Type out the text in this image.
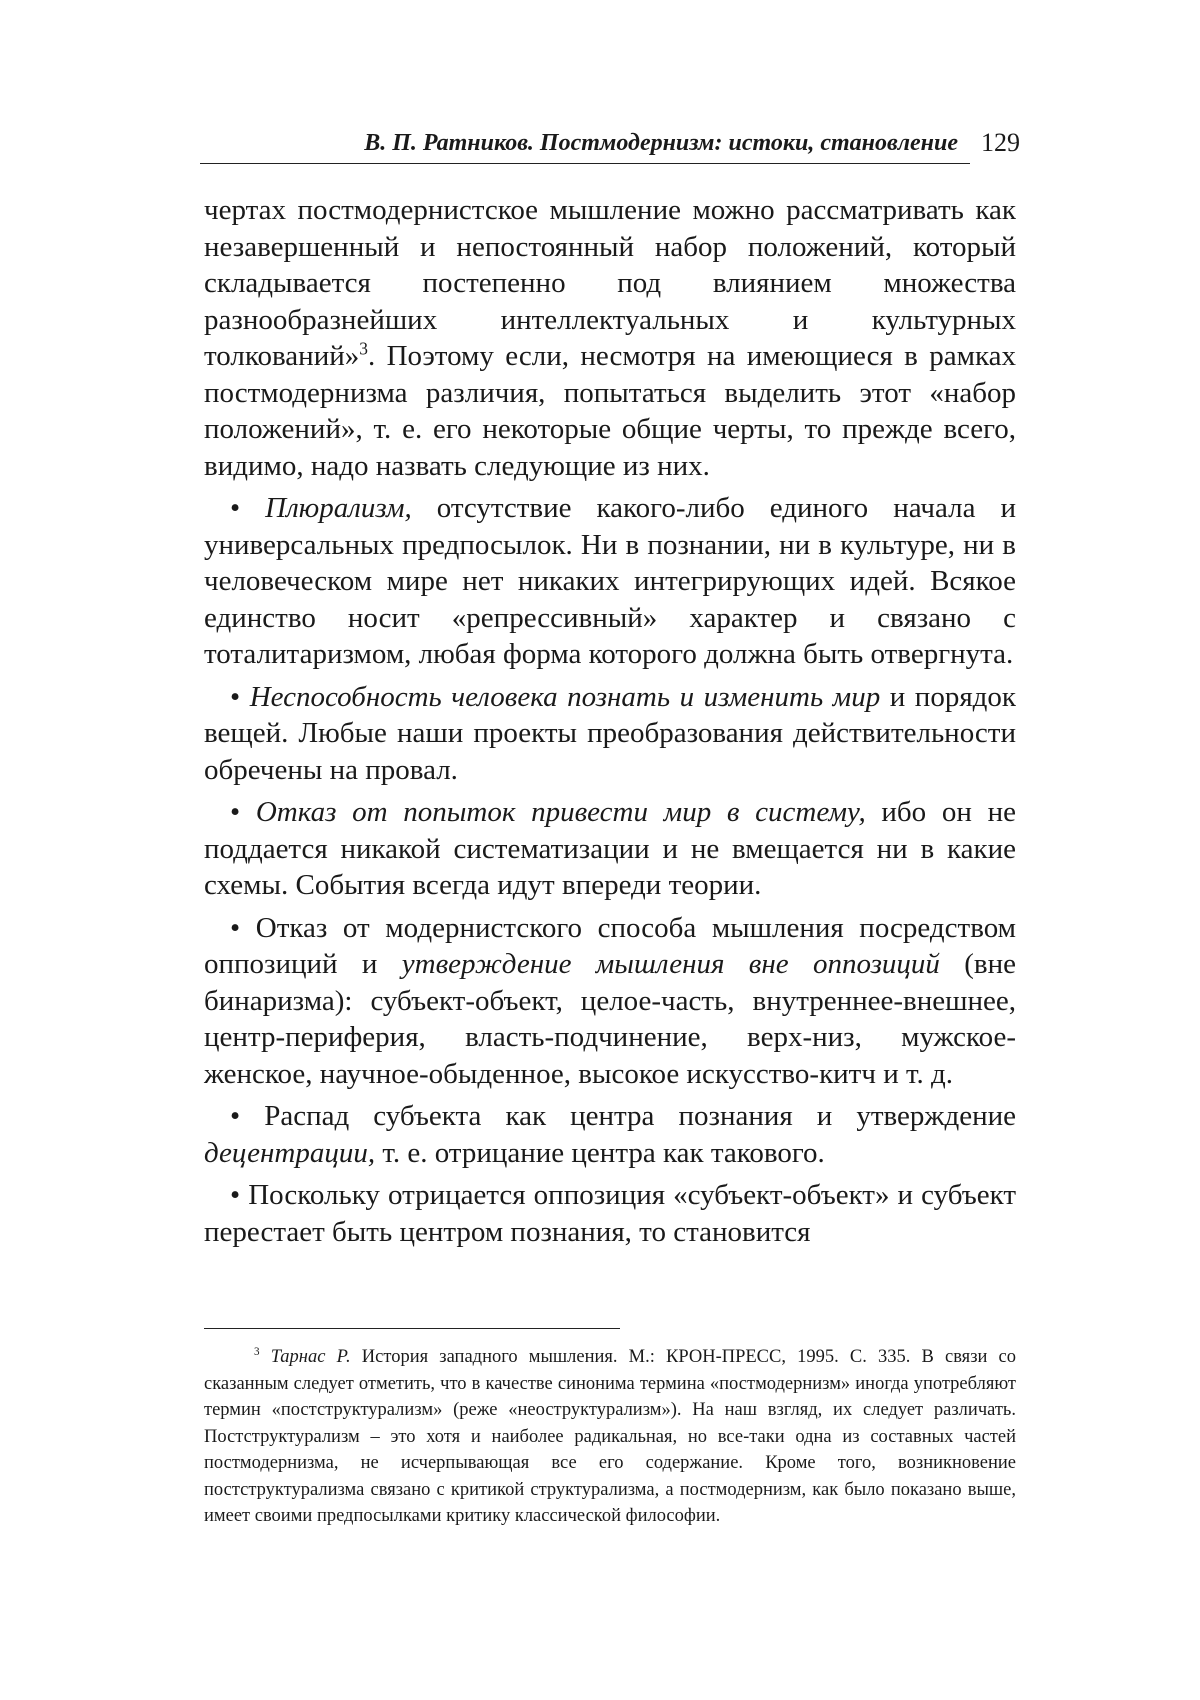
В. П. Ратников. Постмодернизм: истоки, становление 129

чертах постмодернистское мышление можно рассматривать как незавершенный и непостоянный набор положений, который складывается постепенно под влиянием множества разнообразнейших интеллектуальных и культурных толкований»$^3$. Поэтому если, несмотря на имеющиеся в рамках постмодернизма различия, попытаться выделить этот «набор положений», т. е. его некоторые общие черты, то прежде всего, видимо, надо назвать следующие из них.

• Плюрализм, отсутствие какого-либо единого начала и универсальных предпосылок. Ни в познании, ни в культуре, ни в человеческом мире нет никаких интегрирующих идей. Всякое единство носит «репрессивный» характер и связано с тоталитаризмом, любая форма которого должна быть отвергнута.

• Неспособность человека познать и изменить мир и порядок вещей. Любые наши проекты преобразования действительности обречены на провал.

• Отказ от попыток привести мир в систему, ибо он не поддается никакой систематизации и не вмещается ни в какие схемы. События всегда идут впереди теории.

• Отказ от модернистского способа мышления посредством оппозиций и утверждение мышления вне оппозиций (вне бинаризма): субъект-объект, целое-часть, внутреннее-внешнее, центр-периферия, власть-подчинение, верх-низ, мужское-женское, научное-обыденное, высокое искусство-китч и т. д.

• Распад субъекта как центра познания и утверждение децентрации, т. е. отрицание центра как такового.

• Поскольку отрицается оппозиция «субъект-объект» и субъект перестает быть центром познания, то становится

$^3$ Тарнас Р. История западного мышления. М.: КРОН-ПРЕСС, 1995. С. 335. В связи со сказанным следует отметить, что в качестве синонима термина «постмодернизм» иногда употребляют термин «постструктурализм» (реже «неоструктурализм»). На наш взгляд, их следует различать. Постструктурализм – это хотя и наиболее радикальная, но все-таки одна из составных частей постмодернизма, не исчерпывающая все его содержание. Кроме того, возникновение постструктурализма связано с критикой структурализма, а постмодернизм, как было показано выше, имеет своими предпосылками критику классической философии.
